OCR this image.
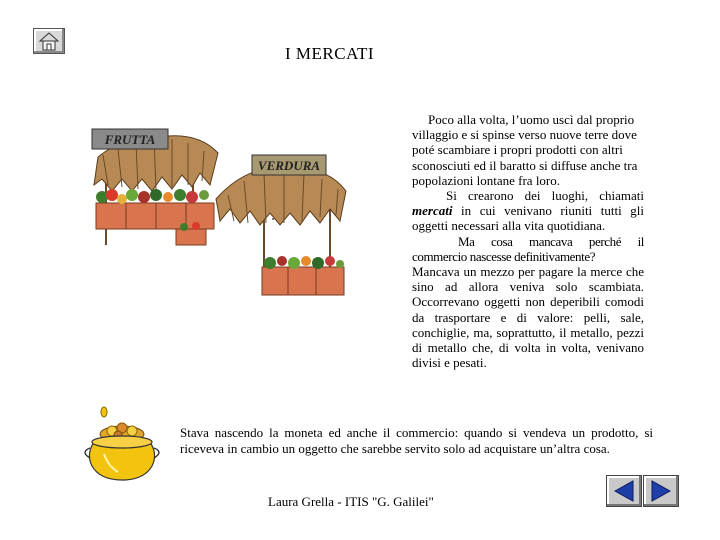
I MERCATI
FRUTTA
VERDURA

Poco alla volta, l’uomo uscì dal proprio villaggio e si spinse verso nuove terre dove poté scambiare i propri prodotti con altri sconosciuti ed il baratto si diffuse anche tra popolazioni lontane fra loro.

Si crearono dei luoghi, chiamati mercati in cui venivano riuniti tutti gli oggetti necessari alla vita quotidiana.

Ma cosa mancava perché il commercio nascesse definitivamente?

Mancava un mezzo per pagare la merce che sino ad allora veniva solo scambiata. Occorrevano oggetti non deperibili comodi da trasportare e di valore: pelli, sale, conchiglie, ma, soprattutto, il metallo, pezzi di metallo che, di volta in volta, venivano divisi e pesati.

Stava nascendo la moneta ed anche il commercio: quando si vendeva un prodotto, si riceveva in cambio un oggetto che sarebbe servito solo ad acquistare un’altra cosa.
Laura Grella - ITIS "G. Galilei"
